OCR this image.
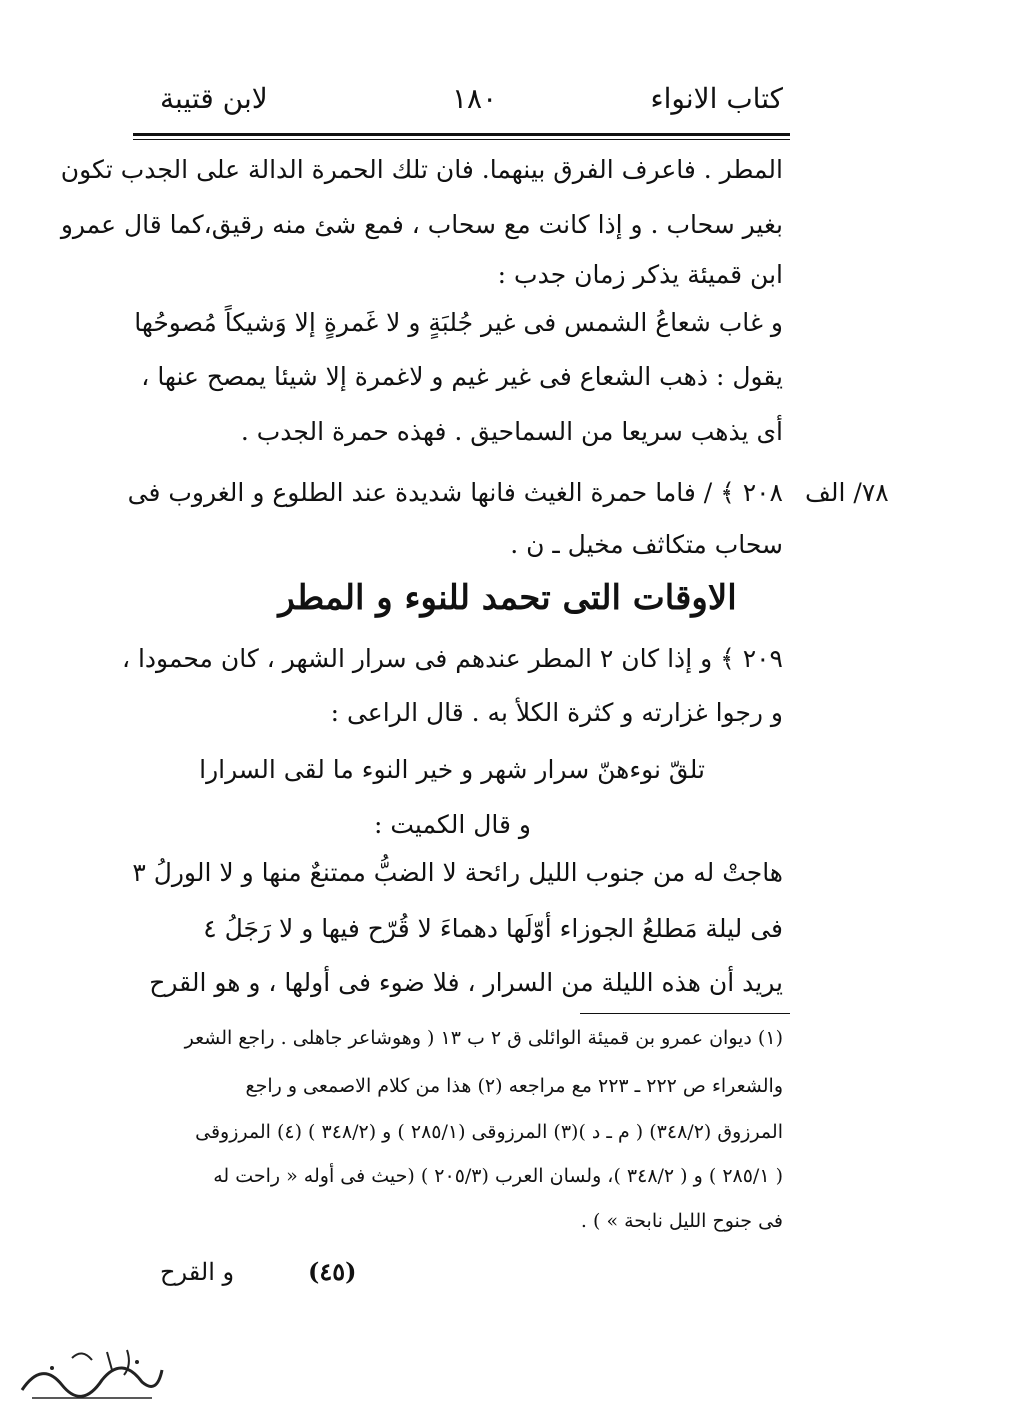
كتاب الانواء
١٨٠
لابن قتيبة
المطر . فاعرف الفرق بينهما. فان تلك الحمرة الدالة على الجدب تكون
بغير سحاب . و إذا كانت مع سحاب ، فمع شئ منه رقيق،كما قال عمرو
ابن قميئة يذكر زمان جدب :
و غاب شعاعُ الشمس فى غير جُلبَةٍ و لا غَمرةٍ إلا وَشيكاً مُصوحُها
يقول : ذهب الشعاع فى غير غيم و لاغمرة إلا شيئا يمصح عنها ،
أى يذهب سريعا من السماحيق . فهذه حمرة الجدب .
٧٨/ الف
٢٠٨ ﴾ / فاما حمرة الغيث فانها شديدة عند الطلوع و الغروب فى
سحاب متكاثف مخيل ـ ن .
الاوقات التى تحمد للنوء و المطر
٢٠٩ ﴾ و إذا كان ٢ المطر عندهم فى سرار الشهر ، كان محمودا ،
و رجوا غزارته و كثرة الكلأ به . قال الراعى :
تلقّ نوءهنّ سرار شهر و خير النوء ما لقى السرارا
و قال الكميت :
هاجتْ له من جنوب الليل رائحة لا الضبُّ ممتنعٌ منها و لا الورلُ ٣
فى ليلة مَطلعُ الجوزاء أوّلَها دهماءَ لا قُرّح فيها و لا رَجَلُ ٤
يريد أن هذه الليلة من السرار ، فلا ضوء فى أولها ، و هو القرح
(١) ديوان عمرو بن قميئة الوائلى ق ٢ ب ١٣ ( وهوشاعر جاهلى . راجع الشعر
والشعراء ص ٢٢٢ ـ ٢٢٣ مع مراجعه (٢) هذا من كلام الاصمعى و راجع
المرزوق (٣٤٨/٢) ( م ـ د )(٣) المرزوقى (٢٨٥/١ ) و (٣٤٨/٢ ) (٤) المرزوقى
( ٢٨٥/١ ) و ( ٣٤٨/٢ )، ولسان العرب (٢٠٥/٣ ) (حيث فى أوله « راحت له
فى جنوح الليل نابحة » ) .
(٤٥)
و القرح
